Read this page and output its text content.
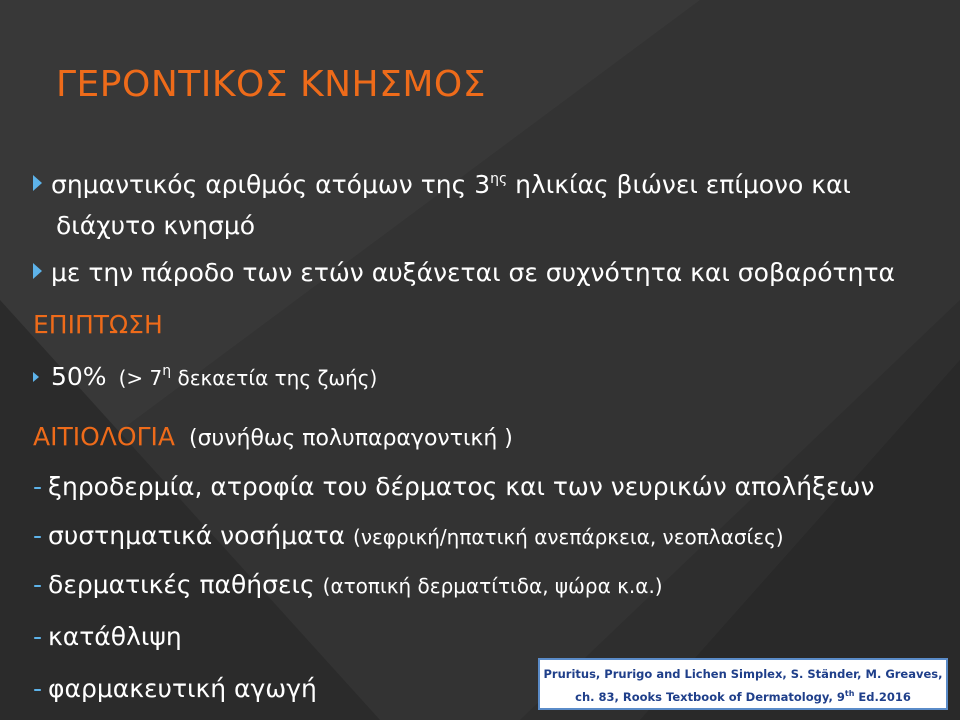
ΓΕΡΟΝΤΙΚΟΣ ΚΝΗΣΜΟΣ
σημαντικός αριθμός ατόμων της $3^{\eta\varsigma}$ ηλικίας βιώνει επίμονο και
διάχυτο κνησμό
με την πάροδο των ετών αυξάνεται σε συχνότητα και σοβαρότητα
ΕΠΙΠΤΩΣΗ
50% (> $7^\eta$ δεκαετία της ζωής)
ΑΙΤΙΟΛΟΓΙΑ (συνήθως πολυπαραγοντική )
- ξηροδερμία, ατροφία του δέρματος και των νευρικών απολήξεων
- συστηματικά νοσήματα (νεφρική/ηπατική ανεπάρκεια, νεοπλασίες)
- δερματικές παθήσεις (ατοπική δερματίτιδα, ψώρα κ.α.)
- κατάθλιψη
- φαρμακευτική αγωγή	Pruritus, Prurigo and Lichen Simplex, S. Ständer, M. Greaves,
ch. 83, Rooks Textbook of Dermatology, 9th Ed.2016
